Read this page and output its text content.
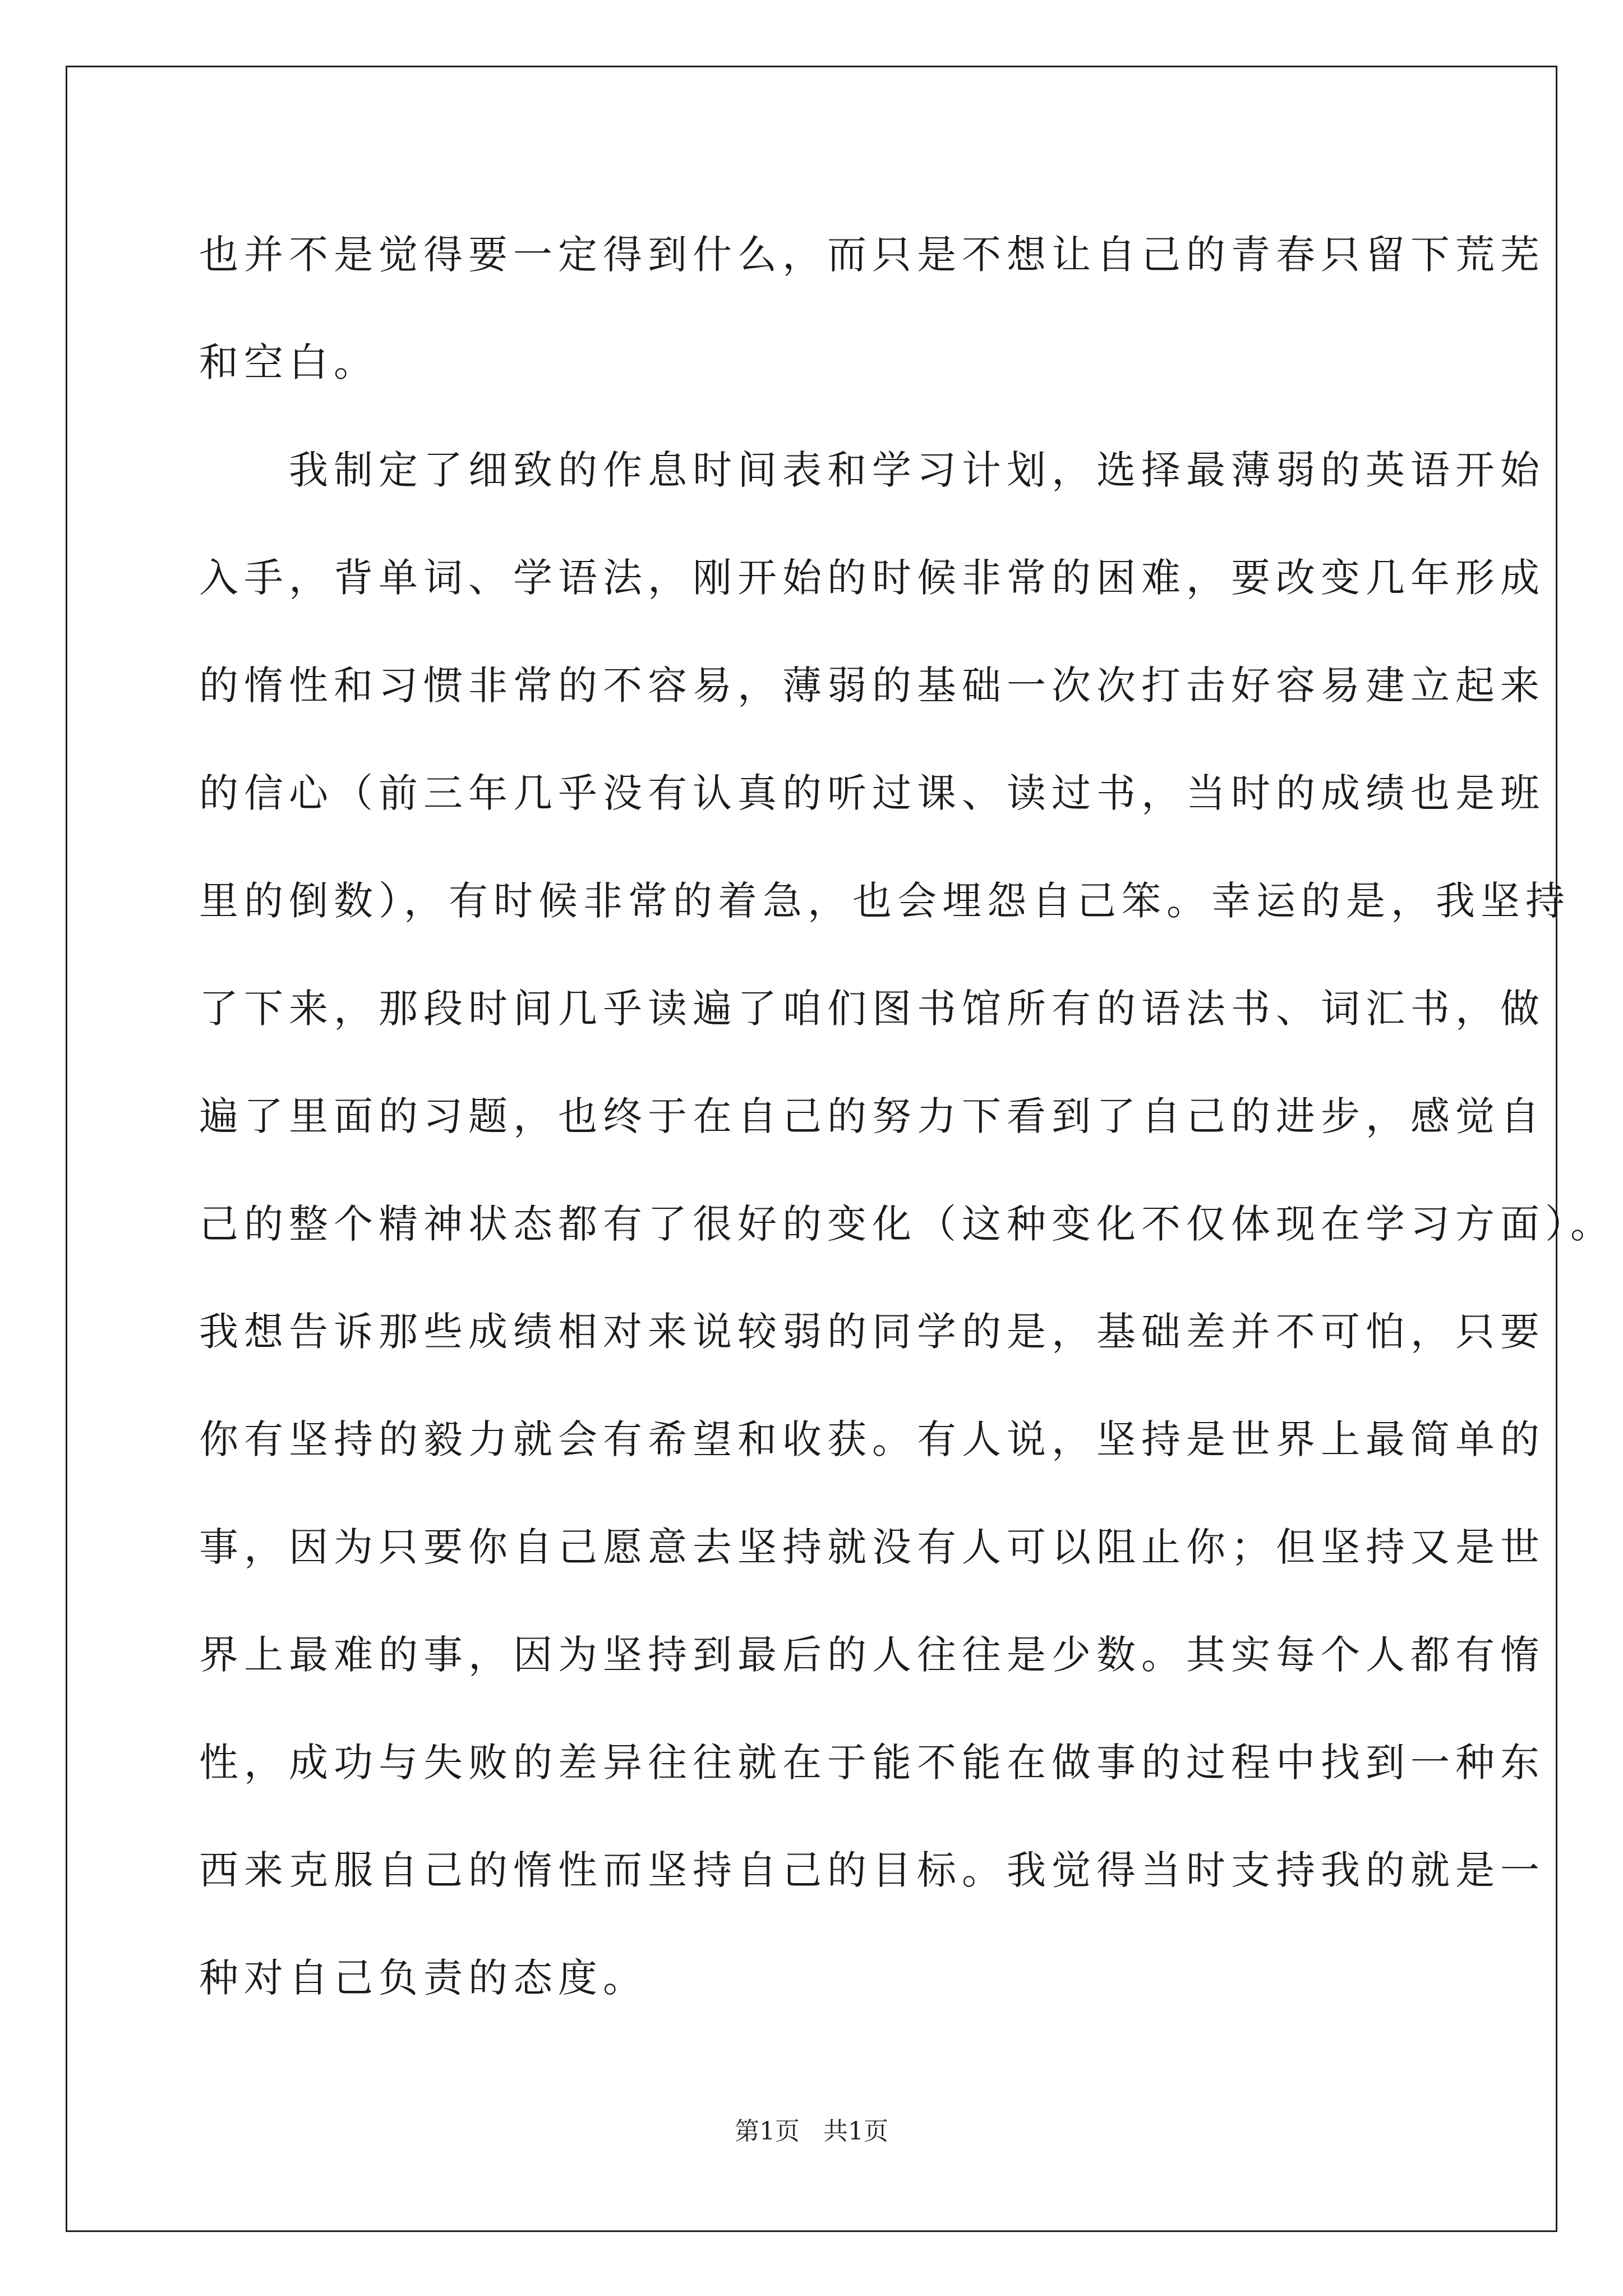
也并不是觉得要一定得到什么，而只是不想让自己的青春只留下荒芜
和空白。
　　我制定了细致的作息时间表和学习计划，选择最薄弱的英语开始
入手，背单词、学语法，刚开始的时候非常的困难，要改变几年形成
的惰性和习惯非常的不容易，薄弱的基础一次次打击好容易建立起来
的信心（前三年几乎没有认真的听过课、读过书，当时的成绩也是班
里的倒数），有时候非常的着急，也会埋怨自己笨。幸运的是，我坚持
了下来，那段时间几乎读遍了咱们图书馆所有的语法书、词汇书，做
遍了里面的习题，也终于在自己的努力下看到了自己的进步，感觉自
己的整个精神状态都有了很好的变化（这种变化不仅体现在学习方面）。
我想告诉那些成绩相对来说较弱的同学的是，基础差并不可怕，只要
你有坚持的毅力就会有希望和收获。有人说，坚持是世界上最简单的
事，因为只要你自己愿意去坚持就没有人可以阻止你；但坚持又是世
界上最难的事，因为坚持到最后的人往往是少数。其实每个人都有惰
性，成功与失败的差异往往就在于能不能在做事的过程中找到一种东
西来克服自己的惰性而坚持自己的目标。我觉得当时支持我的就是一
种对自己负责的态度。
第1页   共1页
